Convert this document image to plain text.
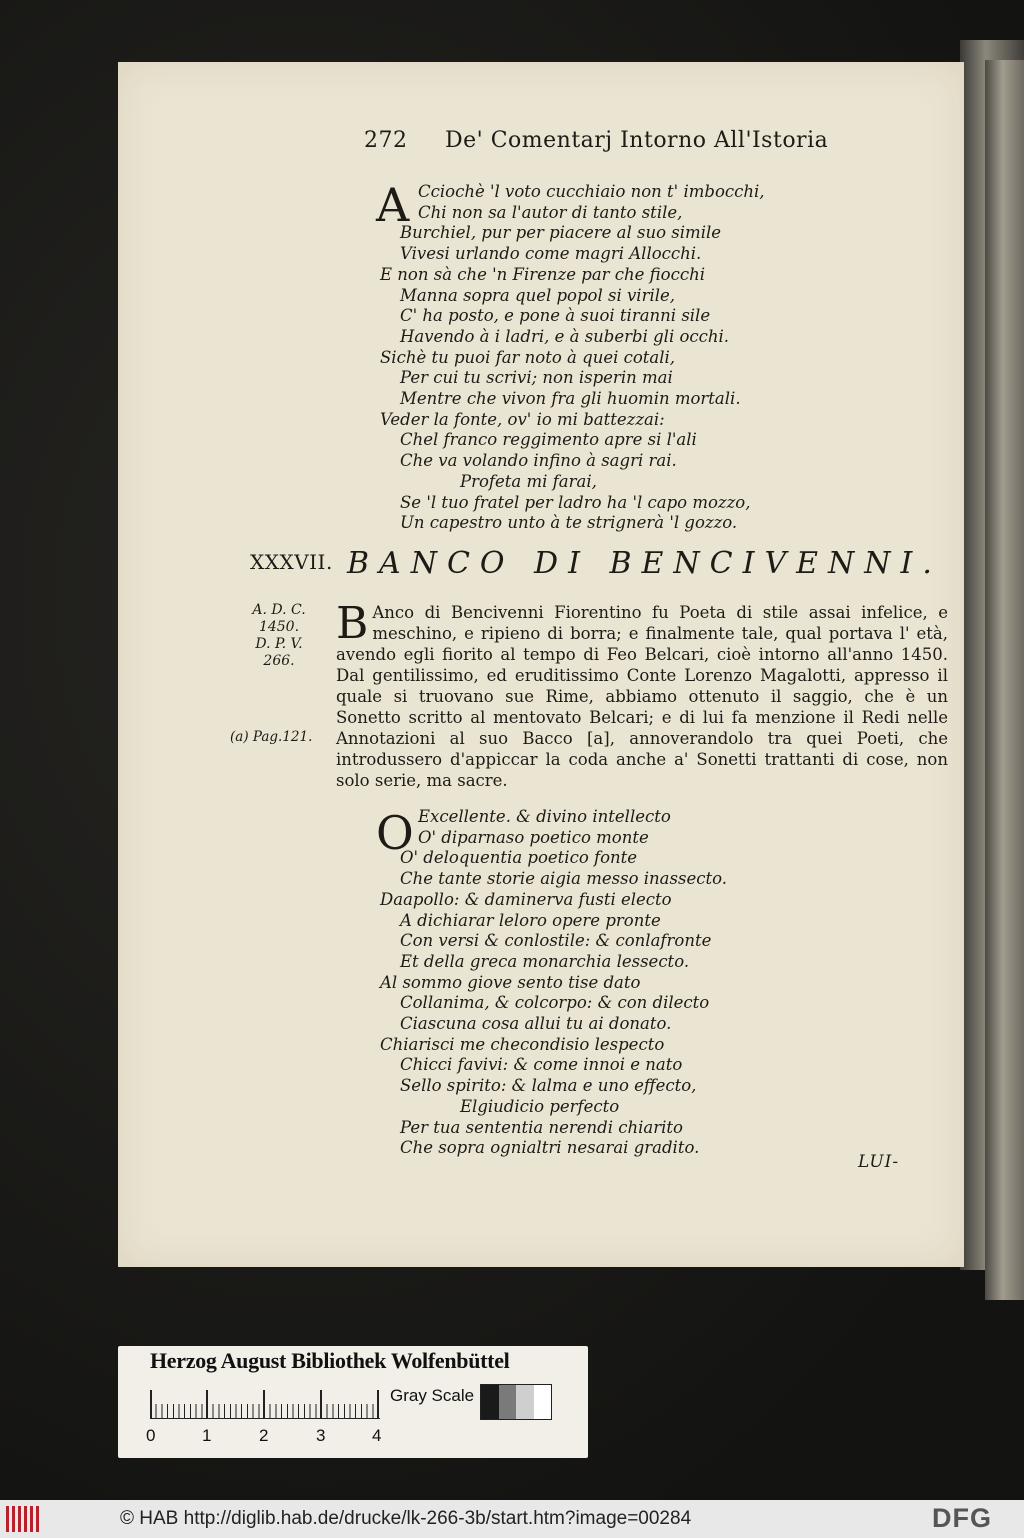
272 De' Comentarj Intorno All'Istoria
A Cciochè 'l voto cucchiaio non t' imbocchi,
Chi non sa l'autor di tanto stile,
Burchiel, pur per piacere al suo simile
Vivesi urlando come magri Allocchi.
E non sà che 'n Firenze par che fiocchi
Manna sopra quel popol si virile,
C' ha posto, e pone à suoi tiranni sile
Havendo à i ladri, e à suberbi gli occhi.
Sichè tu puoi far noto à quei cotali,
Per cui tu scrivi; non isperin mai
Mentre che vivon fra gli huomin mortali.
Veder la fonte, ov' io mi battezzai:
Chel franco reggimento apre si l'ali
Che va volando infino à sagri rai.
Profeta mi farai,
Se 'l tuo fratel per ladro ha 'l capo mozzo,
Un capestro unto à te strignerà 'l gozzo.
XXXVII. BANCO DI BENCIVENNI.
A. D. C.
1450.
D. P. V.
266.
(a) Pag.121.
B Anco di Bencivenni Fiorentino fu Poeta di stile assai infelice, e meschino, e ripieno di borra; e finalmente tale, qual portava l' età, avendo egli fiorito al tempo di Feo Belcari, cioè intorno all'anno 1450. Dal gentilissimo, ed eruditissimo Conte Lorenzo Magalotti, appresso il quale si truovano sue Rime, abbiamo ottenuto il saggio, che è un Sonetto scritto al mentovato Belcari; e di lui fa menzione il Redi nelle Annotazioni al suo Bacco [a], annoverandolo tra quei Poeti, che introdussero d'appiccar la coda anche a' Sonetti trattanti di cose, non solo serie, ma sacre.
O Excellente. & divino intellecto
O' diparnaso poetico monte
O' deloquentia poetico fonte
Che tante storie aigia messo inassecto.
Daapollo: & daminerva fusti electo
A dichiarar leloro opere pronte
Con versi & conlostile: & conlafronte
Et della greca monarchia lessecto.
Al sommo giove sento tise dato
Collanima, & colcorpo: & con dilecto
Ciascuna cosa allui tu ai donato.
Chiarisci me checondisio lespecto
Chicci favivi: & come innoi e nato
Sello spirito: & lalma e uno effecto,
Elgiudicio perfecto
Per tua sententia nerendi chiarito
Che sopra ognialtri nesarai gradito.
LUI-
Herzog August Bibliothek Wolfenbüttel
0	1	2	3	4
Gray Scale
© HAB http://diglib.hab.de/drucke/lk-266-3b/start.htm?image=00284	DFG
